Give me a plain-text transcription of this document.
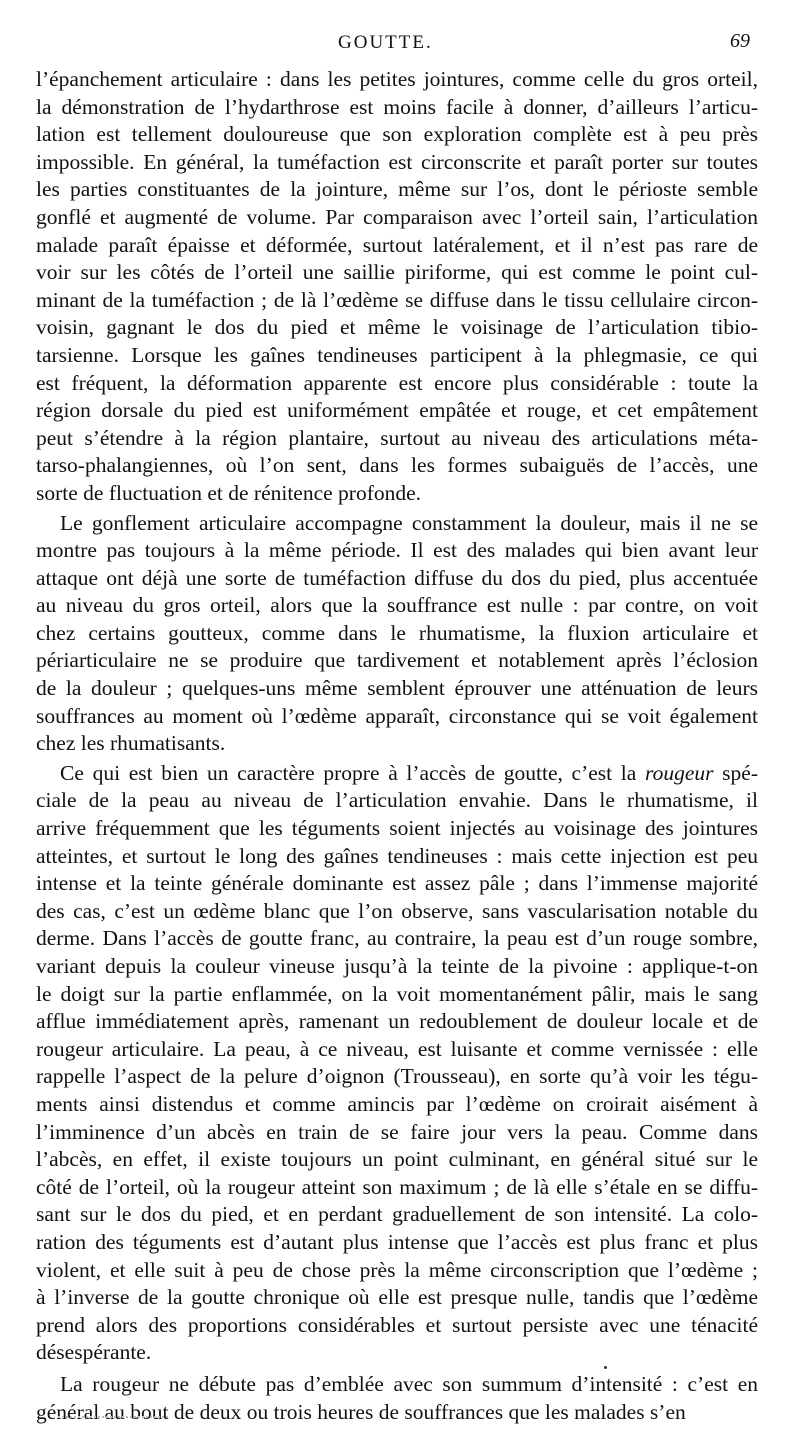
GOUTTE.	69
l’épanchement articulaire : dans les petites jointures, comme celle du gros orteil,
la démonstration de l’hydarthrose est moins facile à donner, d’ailleurs l’articu-
lation est tellement douloureuse que son exploration complète est à peu près
impossible. En général, la tuméfaction est circonscrite et paraît porter sur toutes
les parties constituantes de la jointure, même sur l’os, dont le périoste semble
gonflé et augmenté de volume. Par comparaison avec l’orteil sain, l’articulation
malade paraît épaisse et déformée, surtout latéralement, et il n’est pas rare de
voir sur les côtés de l’orteil une saillie piriforme, qui est comme le point cul-
minant de la tuméfaction ; de là l’œdème se diffuse dans le tissu cellulaire circon-
voisin, gagnant le dos du pied et même le voisinage de l’articulation tibio-
tarsienne. Lorsque les gaînes tendineuses participent à la phlegmasie, ce qui
est fréquent, la déformation apparente est encore plus considérable : toute la
région dorsale du pied est uniformément empâtée et rouge, et cet empâtement
peut s’étendre à la région plantaire, surtout au niveau des articulations méta-
tarso-phalangiennes, où l’on sent, dans les formes subaiguës de l’accès, une
sorte de fluctuation et de rénitence profonde.
Le gonflement articulaire accompagne constamment la douleur, mais il ne se
montre pas toujours à la même période. Il est des malades qui bien avant leur
attaque ont déjà une sorte de tuméfaction diffuse du dos du pied, plus accentuée
au niveau du gros orteil, alors que la souffrance est nulle : par contre, on voit
chez certains goutteux, comme dans le rhumatisme, la fluxion articulaire et
périarticulaire ne se produire que tardivement et notablement après l’éclosion
de la douleur ; quelques-uns même semblent éprouver une atténuation de leurs
souffrances au moment où l’œdème apparaît, circonstance qui se voit également
chez les rhumatisants.
Ce qui est bien un caractère propre à l’accès de goutte, c’est la rougeur spé-
ciale de la peau au niveau de l’articulation envahie. Dans le rhumatisme, il
arrive fréquemment que les téguments soient injectés au voisinage des jointures
atteintes, et surtout le long des gaînes tendineuses : mais cette injection est peu
intense et la teinte générale dominante est assez pâle ; dans l’immense majorité
des cas, c’est un œdème blanc que l’on observe, sans vascularisation notable du
derme. Dans l’accès de goutte franc, au contraire, la peau est d’un rouge sombre,
variant depuis la couleur vineuse jusqu’à la teinte de la pivoine : applique-t-on
le doigt sur la partie enflammée, on la voit momentanément pâlir, mais le sang
afflue immédiatement après, ramenant un redoublement de douleur locale et de
rougeur articulaire. La peau, à ce niveau, est luisante et comme vernissée : elle
rappelle l’aspect de la pelure d’oignon (Trousseau), en sorte qu’à voir les tégu-
ments ainsi distendus et comme amincis par l’œdème on croirait aisément à
l’imminence d’un abcès en train de se faire jour vers la peau. Comme dans
l’abcès, en effet, il existe toujours un point culminant, en général situé sur le
côté de l’orteil, où la rougeur atteint son maximum ; de là elle s’étale en se diffu-
sant sur le dos du pied, et en perdant graduellement de son intensité. La colo-
ration des téguments est d’autant plus intense que l’accès est plus franc et plus
violent, et elle suit à peu de chose près la même circonscription que l’œdème ;
à l’inverse de la goutte chronique où elle est presque nulle, tandis que l’œdème
prend alors des proportions considérables et surtout persiste avec une ténacité
désespérante.
La rougeur ne débute pas d’emblée avec son summum d’intensité : c’est en
général au bout de deux ou trois heures de souffrances que les malades s’en
